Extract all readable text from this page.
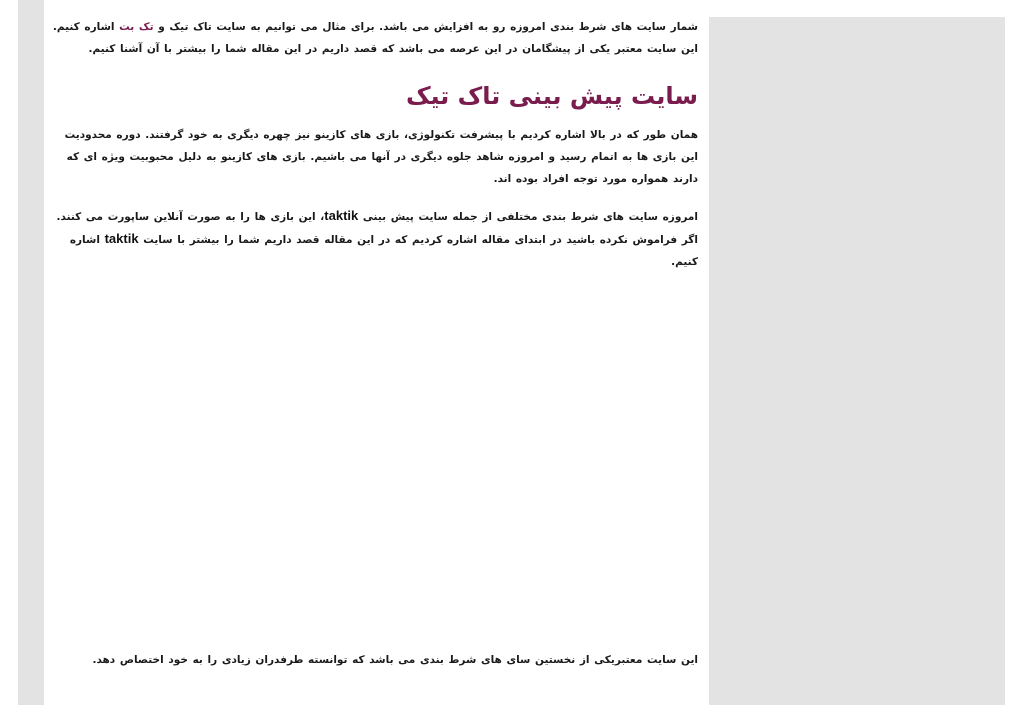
شمار سایت های شرط بندی امروزه رو به افزایش می باشد. برای مثال می توانیم به سایت تاک تیک و تک بت اشاره کنیم. این سایت معتبر یکی از پیشگامان در این عرصه می باشد که قصد داریم در این مقاله شما را بیشتر با آن آشنا کنیم.

سایت پیش بینی تاک تیک

همان طور که در بالا اشاره کردیم با پیشرفت تکنولوژی، بازی های کازینو نیز چهره دیگری به خود گرفتند. دوره محدودیت این بازی ها به اتمام رسید و امروزه شاهد جلوه دیگری در آنها می باشیم. بازی های کازینو به دلیل محبوبیت ویژه ای که دارند همواره مورد توجه افراد بوده اند.

امروزه سایت های شرط بندی مختلفی از جمله سایت پیش بینی taktik، این بازی ها را به صورت آنلاین ساپورت می کنند. اگر فراموش نکرده باشید در ابتدای مقاله اشاره کردیم که در این مقاله قصد داریم شما را بیشتر با سایت taktik اشاره کنیم.

این سایت معتبریکی از نخستین سای های شرط بندی می باشد که توانسته طرفدران زیادی را به خود اختصاص دهد.
